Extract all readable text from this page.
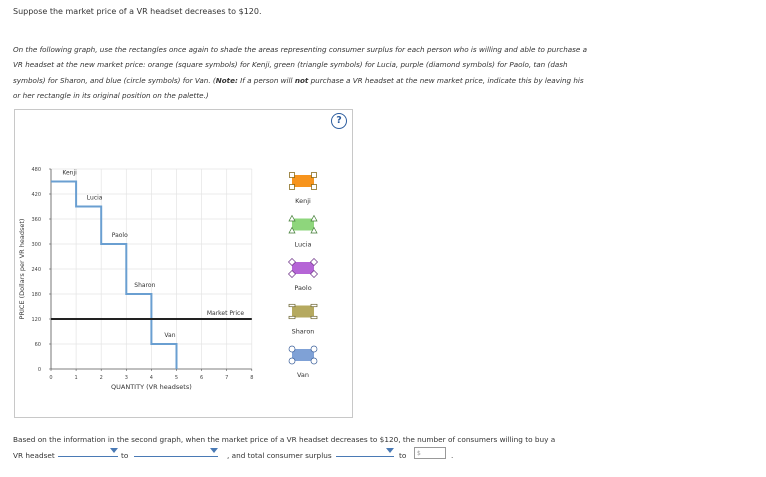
Suppose the market price of a VR headset decreases to $120.
On the following graph, use the rectangles once again to shade the areas representing consumer surplus for each person who is willing and able to purchase a VR headset at the new market price: orange (square symbols) for Kenji, green (triangle symbols) for Lucia, purple (diamond symbols) for Paolo, tan (dash symbols) for Sharon, and blue (circle symbols) for Van. (Note: If a person will not purchase a VR headset at the new market price, indicate this by leaving his or her rectangle in its original position on the palette.)
?
0
60
120
180
240
300
360
420
480
0	1	2	3	4	5	6	7	8
QUANTITY (VR headsets)
PRICE (Dollars per VR headset)
Kenji
Lucia
Paolo
Sharon
Van
Market Price
Kenji
Lucia
Paolo
Sharon
Van
Based on the information in the second graph, when the market price of a VR headset decreases to $120, the number of consumers willing to buy a
VR headset	to	, and total consumer surplus	to	$	.
